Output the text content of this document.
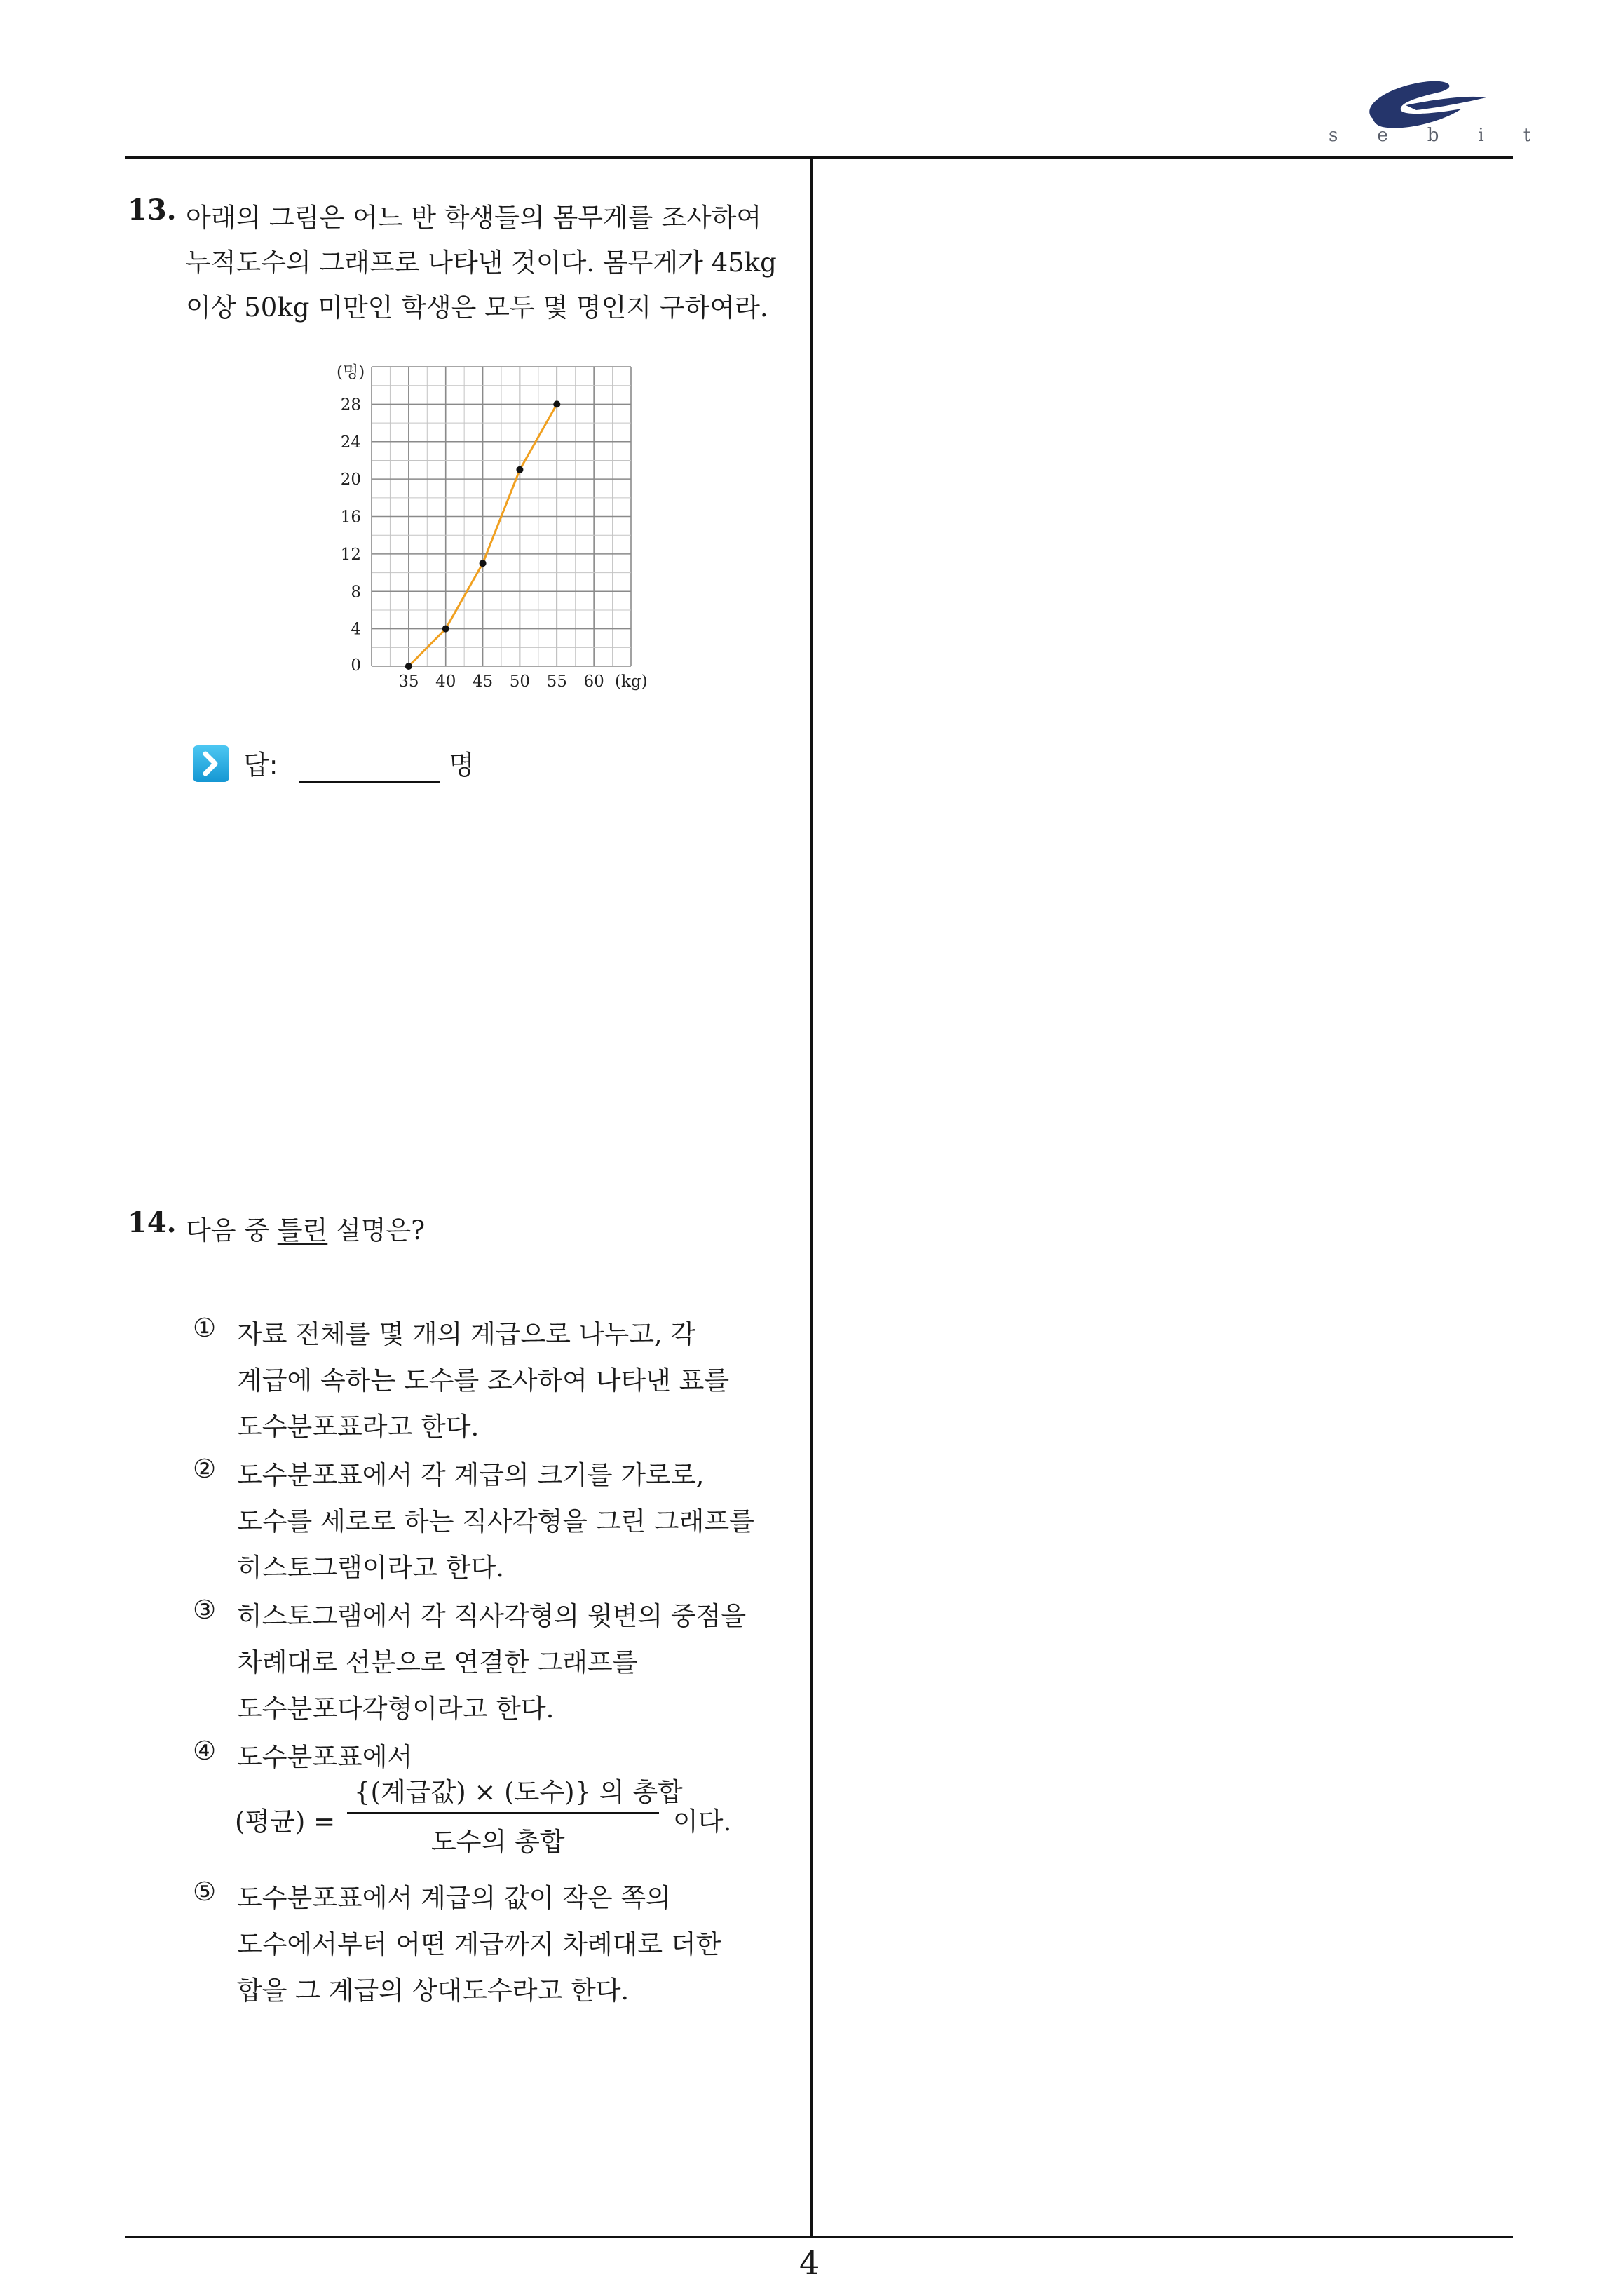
sebit
13. 아래의 그림은 어느 반 학생들의 몸무게를 조사하여
누적도수의 그래프로 나타낸 것이다. 몸무게가 45kg
이상 50kg 미만인 학생은 모두 몇 명인지 구하여라.
0
4
8
12
16
20
24
28
35 40 45 50 55 60
(명)
(kg)
답:	명
14. 다음 중 틀린 설명은?
① 자료 전체를 몇 개의 계급으로 나누고, 각
계급에 속하는 도수를 조사하여 나타낸 표를
도수분포표라고 한다.
② 도수분포표에서 각 계급의 크기를 가로로,
도수를 세로로 하는 직사각형을 그린 그래프를
히스토그램이라고 한다.
③ 히스토그램에서 각 직사각형의 윗변의 중점을
차례대로 선분으로 연결한 그래프를
도수분포다각형이라고 한다.
④ 도수분포표에서
(평균) =
{(계급값) × (도수)} 의 총합
도수의 총합
이다.
⑤ 도수분포표에서 계급의 값이 작은 쪽의
도수에서부터 어떤 계급까지 차례대로 더한
합을 그 계급의 상대도수라고 한다.
4
